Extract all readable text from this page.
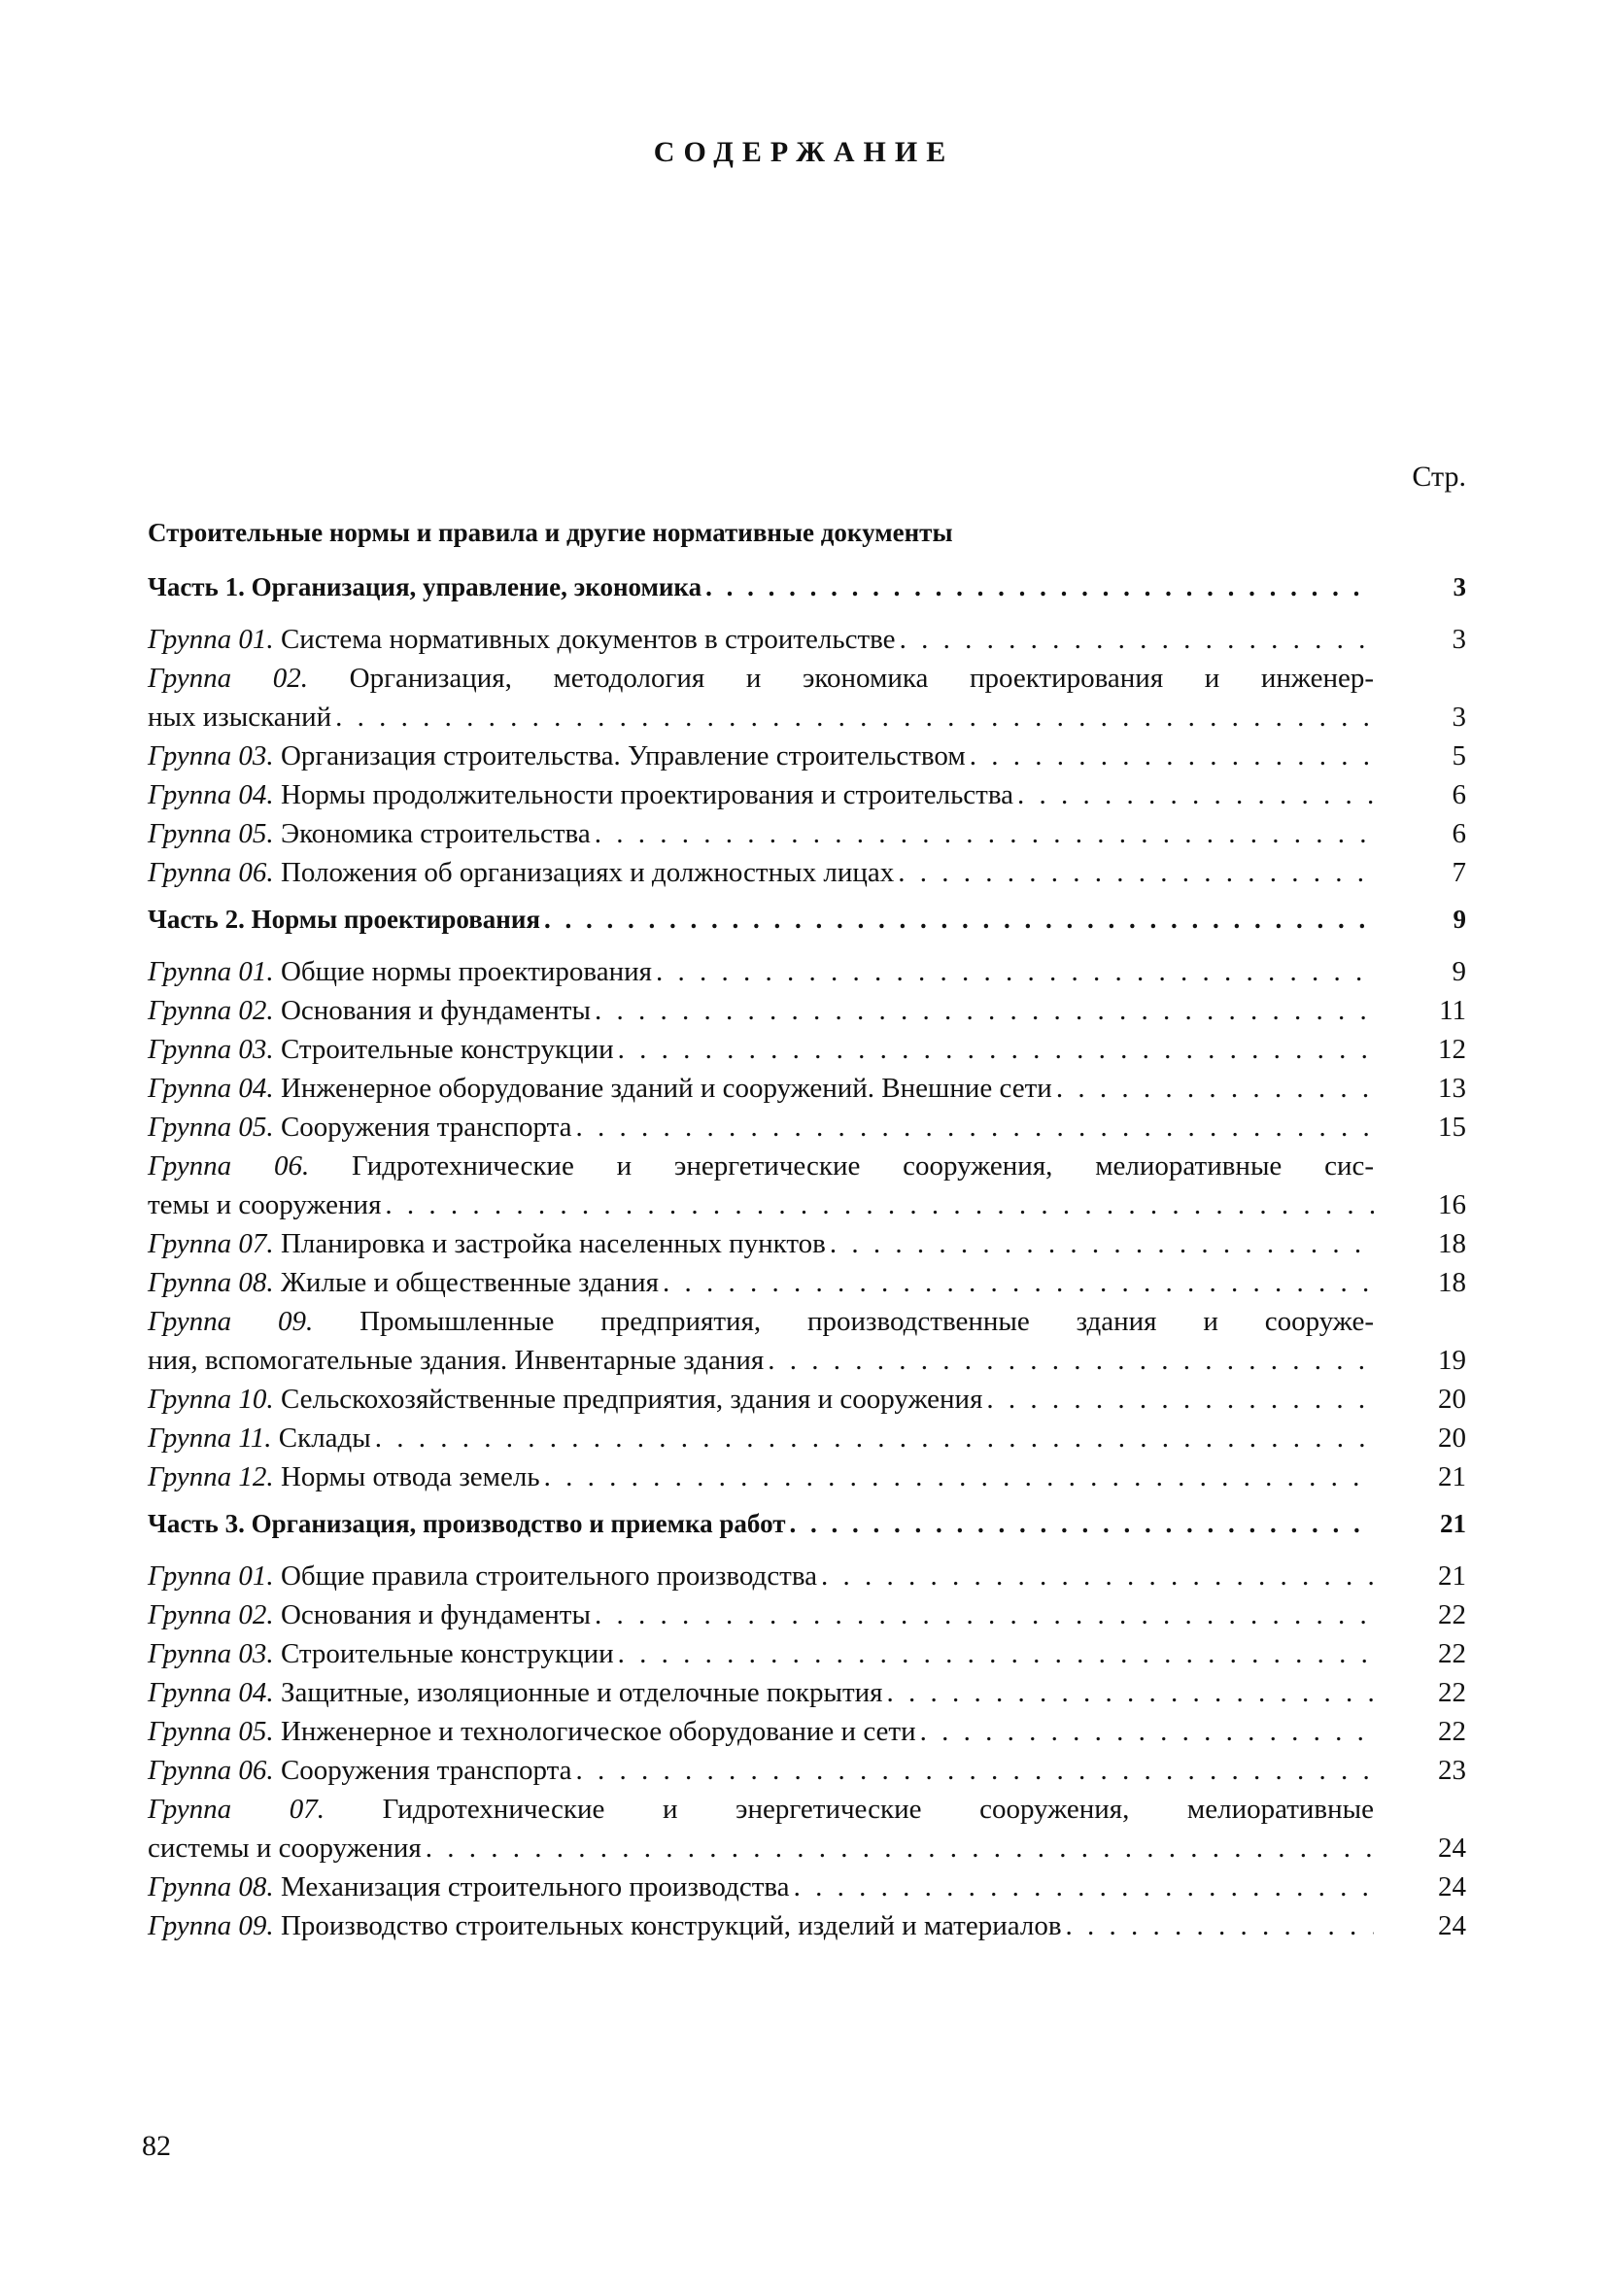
СОДЕРЖАНИЕ
Стр.
Строительные нормы и правила и другие нормативные документы
Часть 1. Организация, управление, экономика . . .	3
Группа 01. Система нормативных документов в строительстве . . .	3
Группа 02. Организация, методология и экономика проектирования и инженер-
ных изысканий . . .	3
Группа 03. Организация строительства. Управление строительством . . .	5
Группа 04. Нормы продолжительности проектирования и строительства . . .	6
Группа 05. Экономика строительства . . .	6
Группа 06. Положения об организациях и должностных лицах . . .	7
Часть 2. Нормы проектирования . . .	9
Группа 01. Общие нормы проектирования . . .	9
Группа 02. Основания и фундаменты . . .	11
Группа 03. Строительные конструкции . . .	12
Группа 04. Инженерное оборудование зданий и сооружений. Внешние сети . . .	13
Группа 05. Сооружения транспорта . . .	15
Группа 06. Гидротехнические и энергетические сооружения, мелиоративные сис-
темы и сооружения . . .	16
Группа 07. Планировка и застройка населенных пунктов . . .	18
Группа 08. Жилые и общественные здания . . .	18
Группа 09. Промышленные предприятия, производственные здания и сооруже-
ния, вспомогательные здания. Инвентарные здания . . .	19
Группа 10. Сельскохозяйственные предприятия, здания и сооружения . . .	20
Группа 11. Склады . . .	20
Группа 12. Нормы отвода земель . . .	21
Часть 3. Организация, производство и приемка работ . . .	21
Группа 01. Общие правила строительного производства . . .	21
Группа 02. Основания и фундаменты . . .	22
Группа 03. Строительные конструкции . . .	22
Группа 04. Защитные, изоляционные и отделочные покрытия . . .	22
Группа 05. Инженерное и технологическое оборудование и сети . . .	22
Группа 06. Сооружения транспорта . . .	23
Группа 07. Гидротехнические и энергетические сооружения, мелиоративные
системы и сооружения . . .	24
Группа 08. Механизация строительного производства . . .	24
Группа 09. Производство строительных конструкций, изделий и материалов . . .	24
82
